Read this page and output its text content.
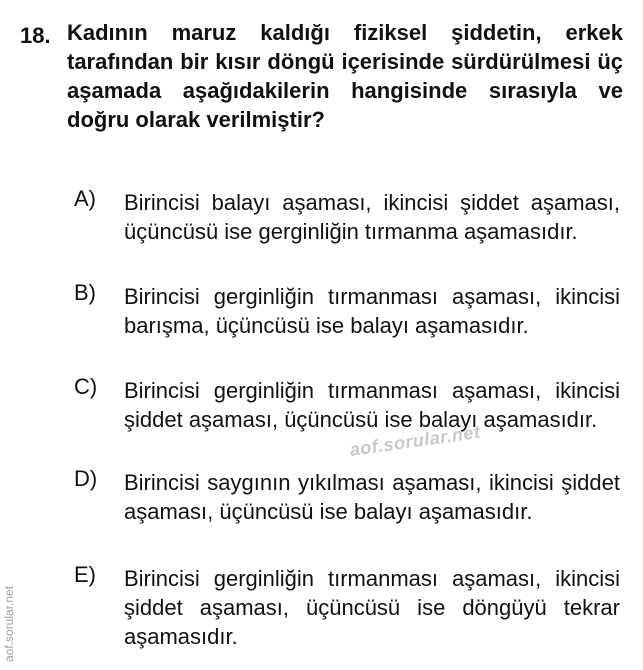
18. Kadının maruz kaldığı fiziksel şiddetin, erkek tarafından bir kısır döngü içerisinde sürdürülmesi üç aşamada aşağıdakilerin hangisinde sırasıyla ve doğru olarak verilmiştir?
A) Birincisi balayı aşaması, ikincisi şiddet aşaması, üçüncüsü ise gerginliğin tırmanma aşamasıdır.
B) Birincisi gerginliğin tırmanması aşaması, ikincisi barışma, üçüncüsü ise balayı aşamasıdır.
C) Birincisi gerginliğin tırmanması aşaması, ikincisi şiddet aşaması, üçüncüsü ise balayı aşamasıdır.
D) Birincisi saygının yıkılması aşaması, ikincisi şiddet aşaması, üçüncüsü ise balayı aşamasıdır.
E) Birincisi gerginliğin tırmanması aşaması, ikincisi şiddet aşaması, üçüncüsü ise döngüyü tekrar aşamasıdır.
aof.sorular.net
aof.sorular.net
